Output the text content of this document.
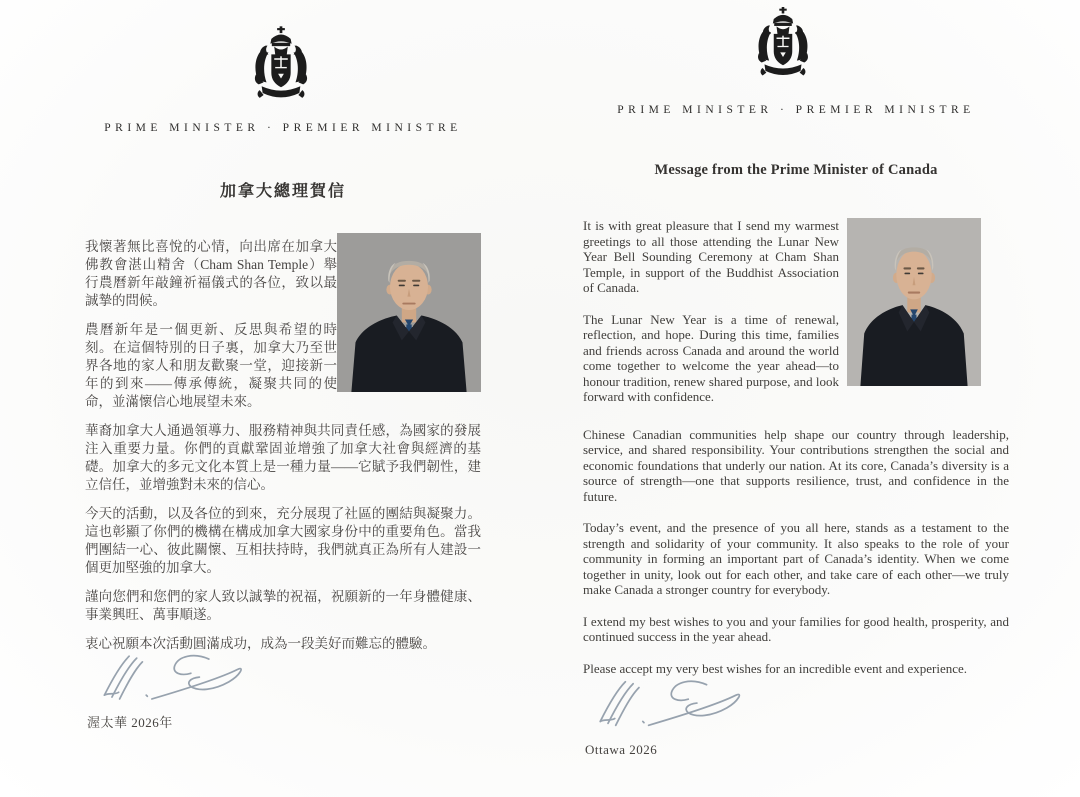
PRIME MINISTER · PREMIER MINISTRE
加拿大總理賀信

我懷著無比喜悅的心情，向出席在加拿大佛教會湛山精舍（Cham Shan Temple）舉行農曆新年敲鐘祈福儀式的各位，致以最誠摯的問候。

農曆新年是一個更新、反思與希望的時刻。在這個特別的日子裏，加拿大乃至世界各地的家人和朋友歡聚一堂，迎接新一年的到來——傳承傳統，凝聚共同的使命，並滿懷信心地展望未來。

華裔加拿大人通過領導力、服務精神與共同責任感，為國家的發展注入重要力量。你們的貢獻鞏固並增強了加拿大社會與經濟的基礎。加拿大的多元文化本質上是一種力量——它賦予我們韌性，建立信任，並增強對未來的信心。

今天的活動，以及各位的到來，充分展現了社區的團結與凝聚力。這也彰顯了你們的機構在構成加拿大國家身份中的重要角色。當我們團結一心、彼此關懷、互相扶持時，我們就真正為所有人建設一個更加堅強的加拿大。

謹向您們和您們的家人致以誠摯的祝福，祝願新的一年身體健康、事業興旺、萬事順遂。

衷心祝願本次活動圓滿成功，成為一段美好而難忘的體驗。

渥太華 2026年
PRIME MINISTER · PREMIER MINISTRE
Message from the Prime Minister of Canada

It is with great pleasure that I send my warmest greetings to all those attending the Lunar New Year Bell Sounding Ceremony at Cham Shan Temple, in support of the Buddhist Association of Canada.

The Lunar New Year is a time of renewal, reflection, and hope. During this time, families and friends across Canada and around the world come together to welcome the year ahead—to honour tradition, renew shared purpose, and look forward with confidence.

Chinese Canadian communities help shape our country through leadership, service, and shared responsibility. Your contributions strengthen the social and economic foundations that underly our nation. At its core, Canada’s diversity is a source of strength—one that supports resilience, trust, and confidence in the future.

Today’s event, and the presence of you all here, stands as a testament to the strength and solidarity of your community. It also speaks to the role of your community in forming an important part of Canada’s identity. When we come together in unity, look out for each other, and take care of each other—we truly make Canada a stronger country for everybody.

I extend my best wishes to you and your families for good health, prosperity, and continued success in the year ahead.

Please accept my very best wishes for an incredible event and experience.

Ottawa 2026
